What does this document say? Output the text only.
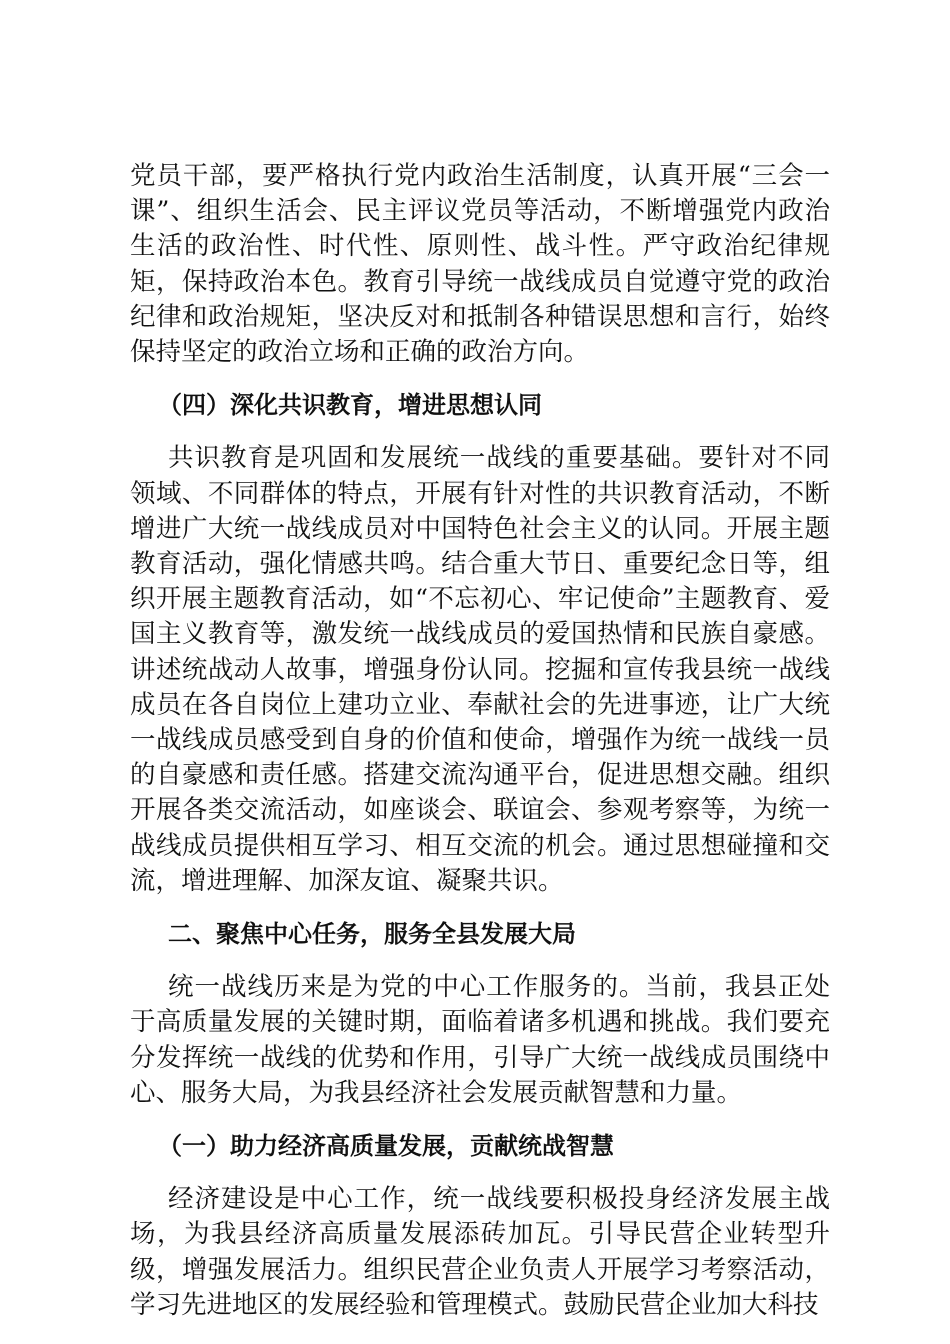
党员干部，要严格执行党内政治生活制度，认真开展“三会一课”、组织生活会、民主评议党员等活动，不断增强党内政治生活的政治性、时代性、原则性、战斗性。严守政治纪律规矩，保持政治本色。教育引导统一战线成员自觉遵守党的政治纪律和政治规矩，坚决反对和抵制各种错误思想和言行，始终保持坚定的政治立场和正确的政治方向。

（四）深化共识教育，增进思想认同

共识教育是巩固和发展统一战线的重要基础。要针对不同领域、不同群体的特点，开展有针对性的共识教育活动，不断增进广大统一战线成员对中国特色社会主义的认同。开展主题教育活动，强化情感共鸣。结合重大节日、重要纪念日等，组织开展主题教育活动，如“不忘初心、牢记使命”主题教育、爱国主义教育等，激发统一战线成员的爱国热情和民族自豪感。讲述统战动人故事，增强身份认同。挖掘和宣传我县统一战线成员在各自岗位上建功立业、奉献社会的先进事迹，让广大统一战线成员感受到自身的价值和使命，增强作为统一战线一员的自豪感和责任感。搭建交流沟通平台，促进思想交融。组织开展各类交流活动，如座谈会、联谊会、参观考察等，为统一战线成员提供相互学习、相互交流的机会。通过思想碰撞和交流，增进理解、加深友谊、凝聚共识。

二、聚焦中心任务，服务全县发展大局

统一战线历来是为党的中心工作服务的。当前，我县正处于高质量发展的关键时期，面临着诸多机遇和挑战。我们要充分发挥统一战线的优势和作用，引导广大统一战线成员围绕中心、服务大局，为我县经济社会发展贡献智慧和力量。

（一）助力经济高质量发展，贡献统战智慧

经济建设是中心工作，统一战线要积极投身经济发展主战场，为我县经济高质量发展添砖加瓦。引导民营企业转型升级，增强发展活力。组织民营企业负责人开展学习考察活动，学习先进地区的发展经验和管理模式。鼓励民营企业加大科技
